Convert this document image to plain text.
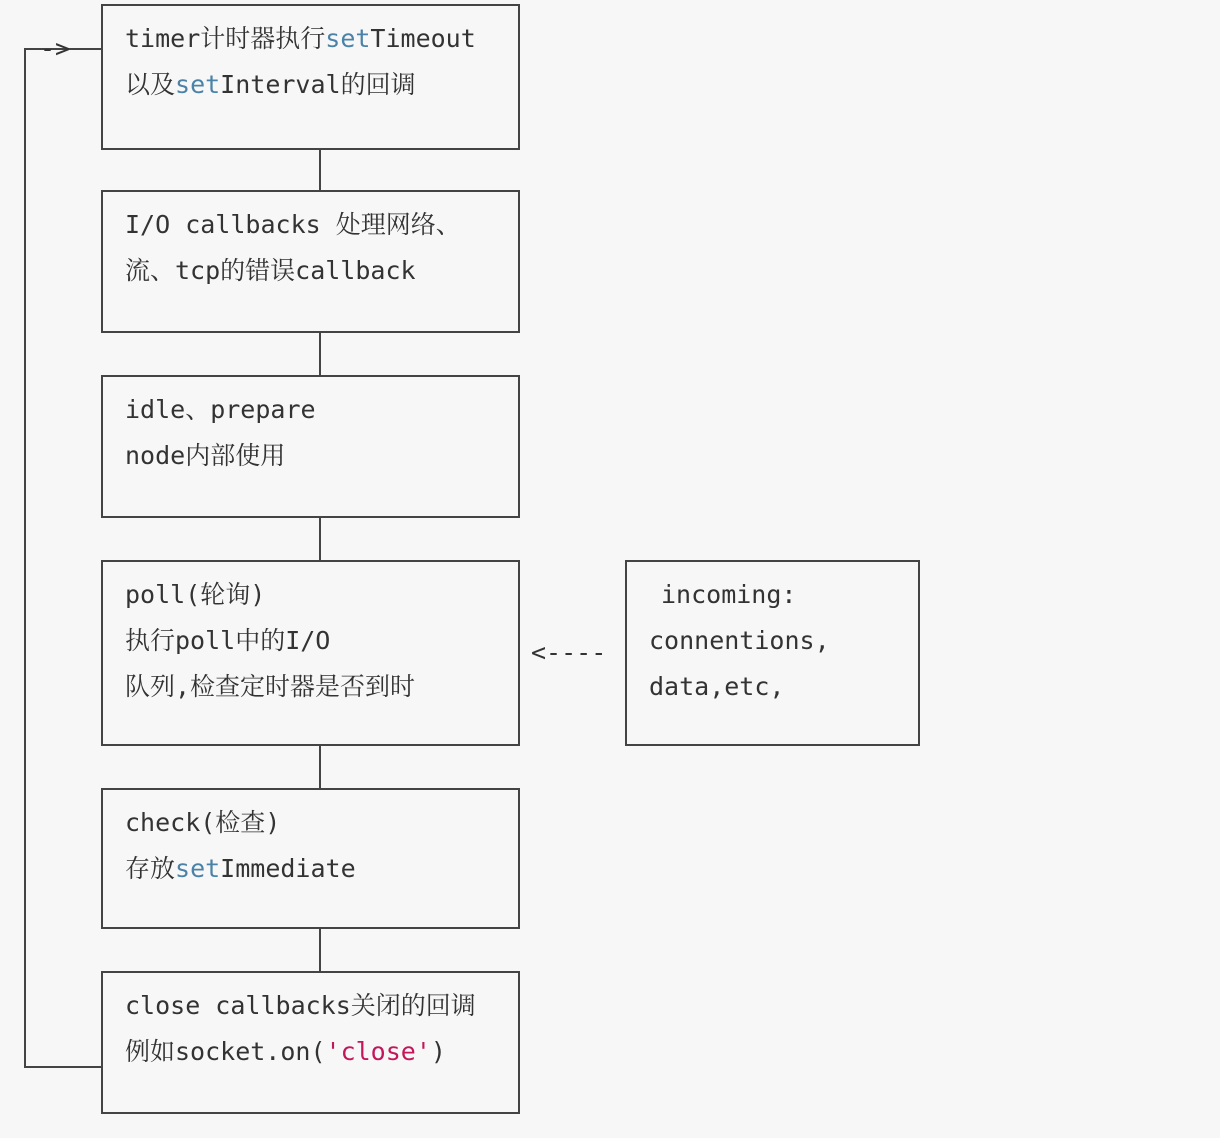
->
<----
timer计时器执行setTimeout
以及setInterval的回调
I/O callbacks 处理网络、
流、tcp的错误callback
idle、prepare
node内部使用
poll(轮询)
执行poll中的I/O
队列,检查定时器是否到时
check(检查)
存放setImmediate
close callbacks关闭的回调
例如socket.on('close')
incoming:
connentions,
data,etc,
